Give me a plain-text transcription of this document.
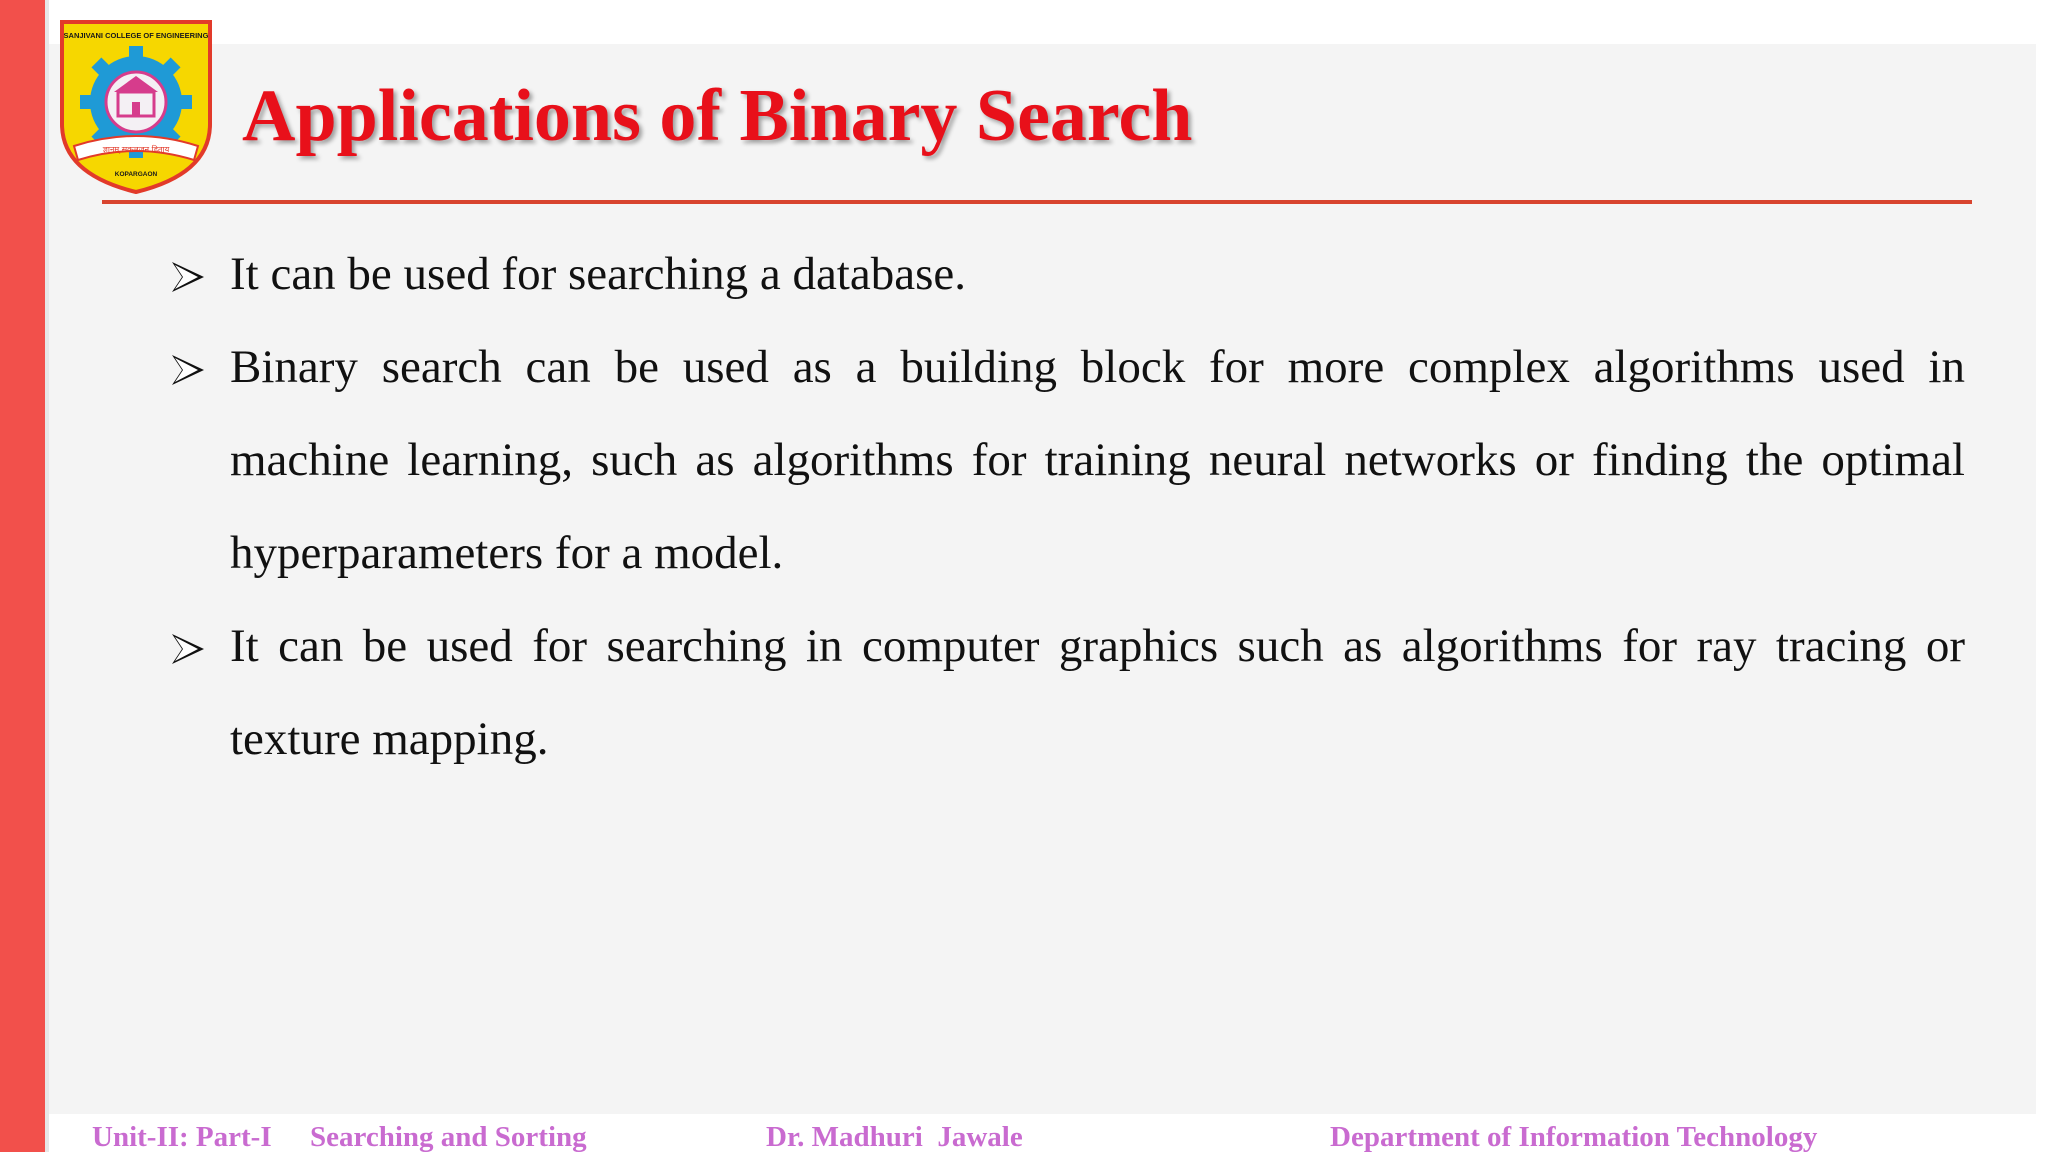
SANJIVANI COLLEGE OF ENGINEERING
ज्ञानम् सकलजन हिताय
KOPARGAON
Applications of Binary Search
It can be used for searching a database.
Binary search can be used as a building block for more complex algorithms used in machine learning, such as algorithms for training neural networks or finding the optimal hyperparameters for a model.
It can be used for searching in computer graphics such as algorithms for ray tracing or texture mapping.
Unit-II: Part-I Searching and Sorting	Dr. Madhuri  Jawale	Department of Information Technology
